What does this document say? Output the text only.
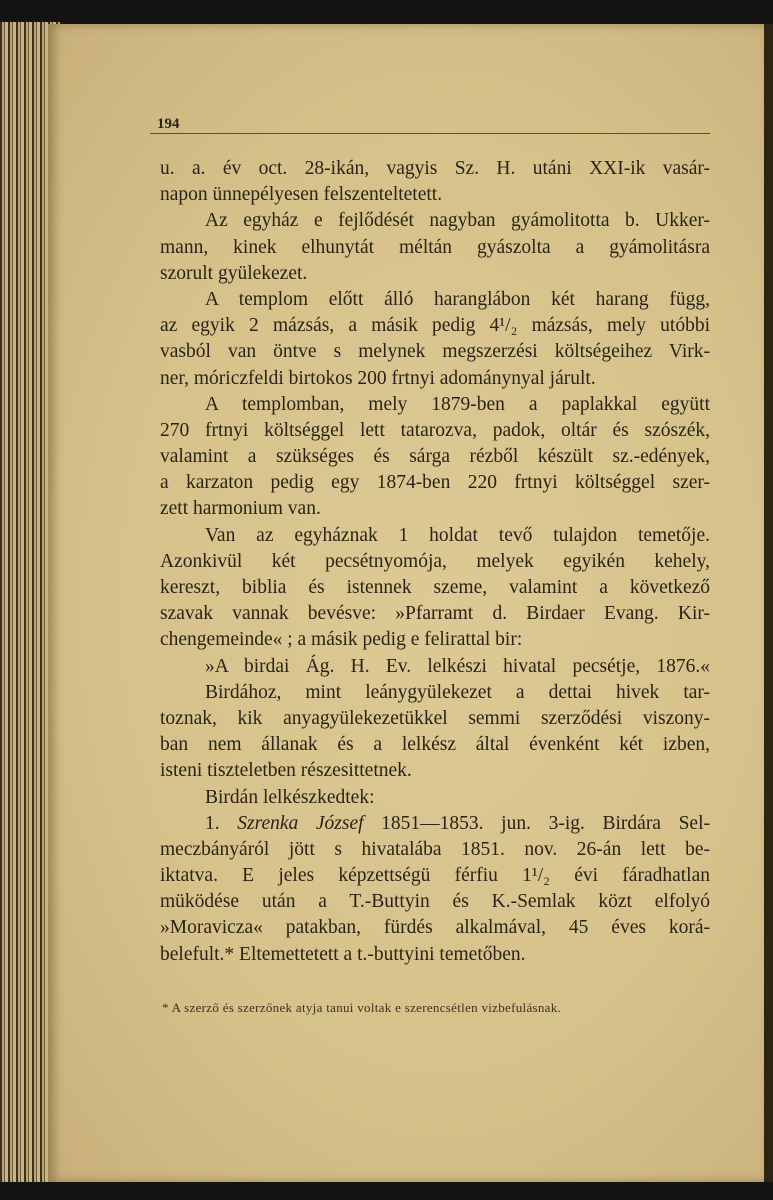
194
u. a. év oct. 28-ikán, vagyis Sz. H. utáni XXI-ik vasár-
napon ünnepélyesen felszenteltetett.
Az egyház e fejlődését nagyban gyámolitotta b. Ukker-
mann, kinek elhunytát méltán gyászolta a gyámolitásra
szorult gyülekezet.
A templom előtt álló haranglábon két harang függ,
az egyik 2 mázsás, a másik pedig 4¹/₂ mázsás, mely utóbbi
vasból van öntve s melynek megszerzési költségeihez Virk-
ner, móriczfeldi birtokos 200 frtnyi adománynyal járult.
A templomban, mely 1879-ben a paplakkal együtt
270 frtnyi költséggel lett tatarozva, padok, oltár és szószék,
valamint a szükséges és sárga rézből készült sz.-edények,
a karzaton pedig egy 1874-ben 220 frtnyi költséggel szer-
zett harmonium van.
Van az egyháznak 1 holdat tevő tulajdon temetője.
Azonkivül két pecsétnyomója, melyek egyikén kehely,
kereszt, biblia és istennek szeme, valamint a következő
szavak vannak bevésve: »Pfarramt d. Birdaer Evang. Kir-
chengemeinde« ; a másik pedig e felirattal bir:
»A birdai Ág. H. Ev. lelkészi hivatal pecsétje, 1876.«
Birdához, mint leánygyülekezet a dettai hivek tar-
toznak, kik anyagyülekezetükkel semmi szerződési viszony-
ban nem állanak és a lelkész által évenként két izben,
isteni tiszteletben részesittetnek.
Birdán lelkészkedtek:
1. Szrenka József 1851—1853. jun. 3-ig. Birdára Sel-
meczbányáról jött s hivatalába 1851. nov. 26-án lett be-
iktatva. E jeles képzettségü férfiu 1¹/₂ évi fáradhatlan
müködése után a T.-Buttyin és K.-Semlak közt elfolyó
»Moravicza« patakban, fürdés alkalmával, 45 éves korá-
belefult.* Eltemettetett a t.-buttyini temetőben.
* A szerző és szerzőnek atyja tanui voltak e szerencsétlen vizbefulásnak.
